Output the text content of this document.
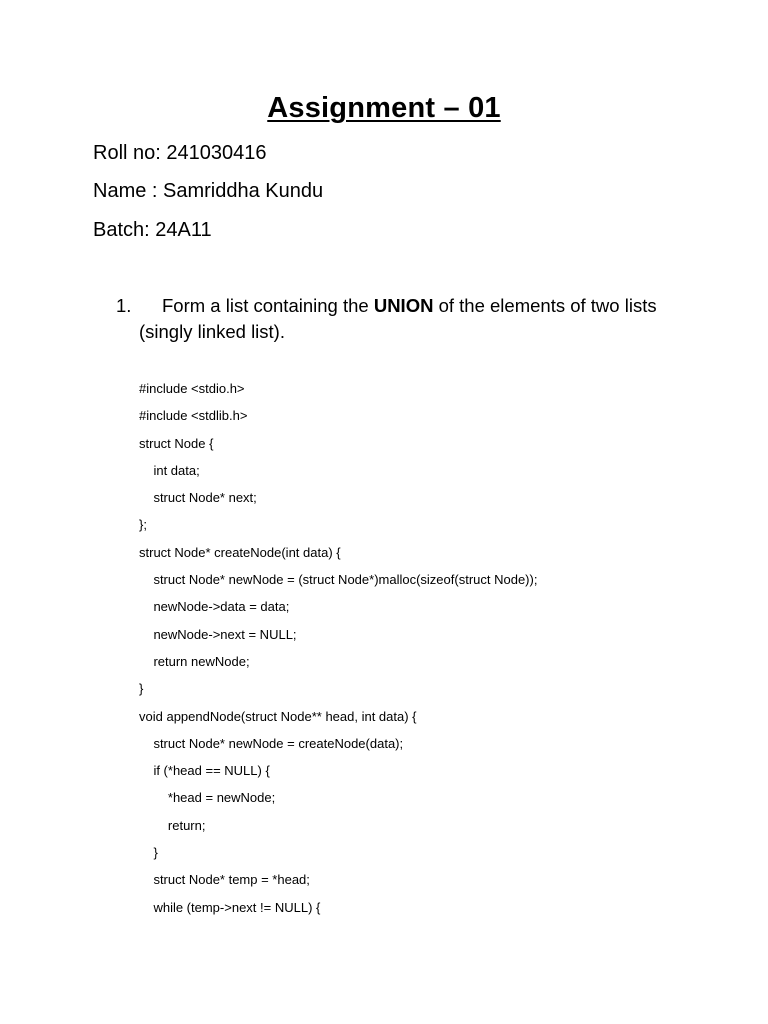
Assignment – 01
Roll no: 241030416
Name : Samriddha Kundu
Batch: 24A11
1.	Form a list containing the UNION of the elements of two lists (singly linked list).
#include <stdio.h>
#include <stdlib.h>
struct Node {
int data;
struct Node* next;
};
struct Node* createNode(int data) {
struct Node* newNode = (struct Node*)malloc(sizeof(struct Node));
newNode->data = data;
newNode->next = NULL;
return newNode;
}
void appendNode(struct Node** head, int data) {
struct Node* newNode = createNode(data);
if (*head == NULL) {
*head = newNode;
return;
}
struct Node* temp = *head;
while (temp->next != NULL) {
